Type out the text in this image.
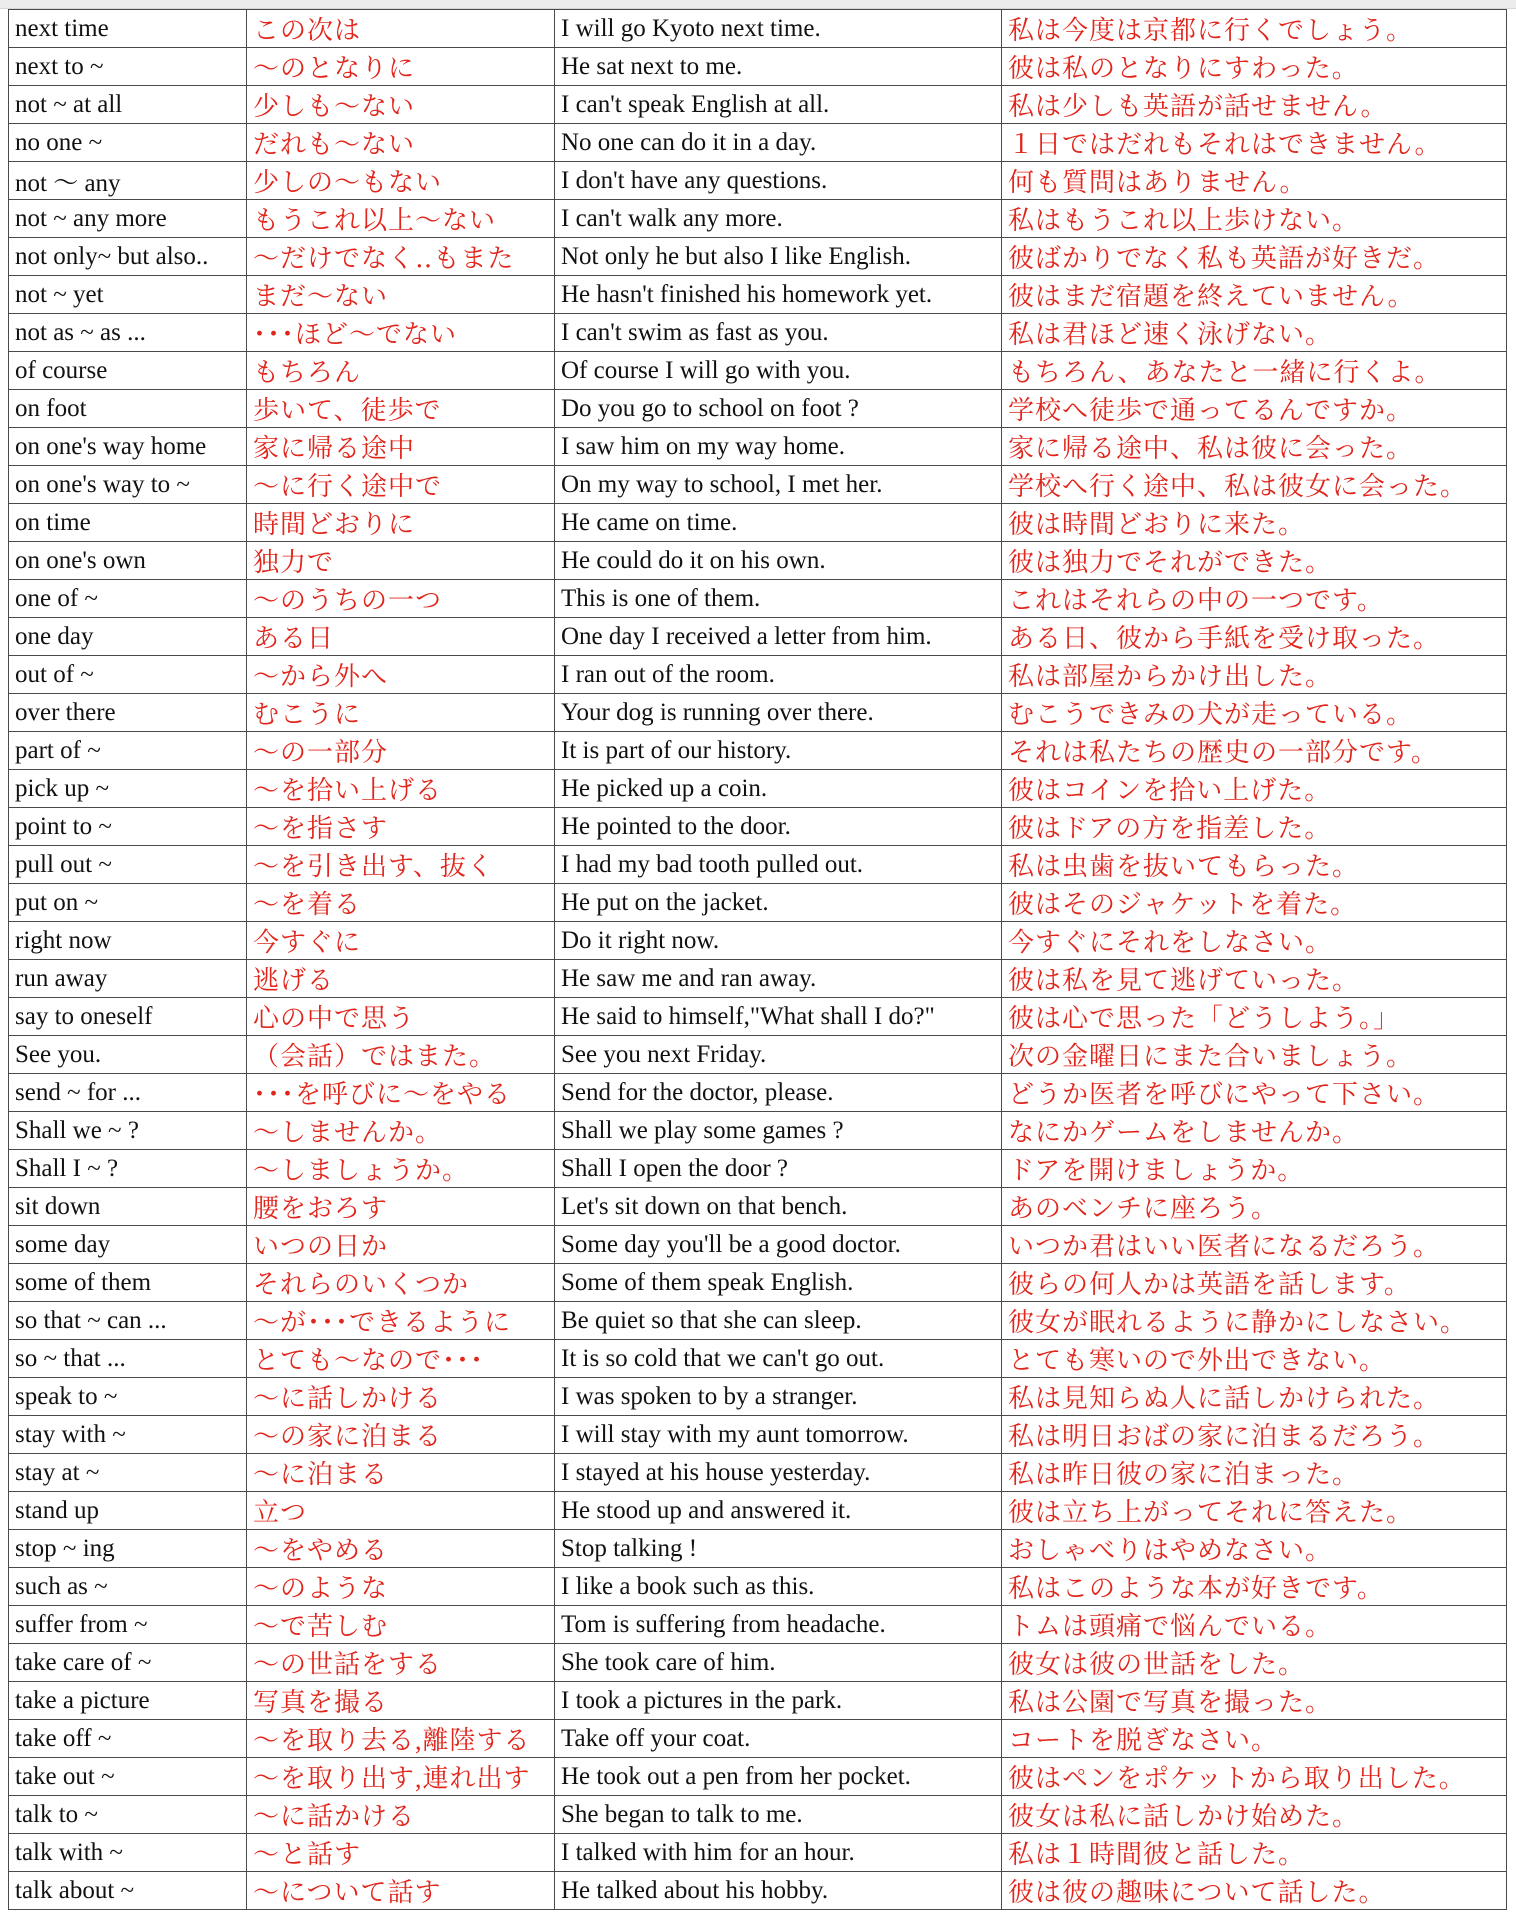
next time	この次は	I will go Kyoto next time.	私は今度は京都に行くでしょう。
next to ~	～のとなりに	He sat next to me.	彼は私のとなりにすわった。
not ~ at all	少しも～ない	I can't speak English at all.	私は少しも英語が話せません。
no one ~	だれも～ない	No one can do it in a day.	１日ではだれもそれはできません。
not 〜 any	少しの～もない	I don't have any questions.	何も質問はありません。
not ~ any more	もうこれ以上～ない	I can't walk any more.	私はもうこれ以上歩けない。
not only~ but also..	～だけでなく‥もまた	Not only he but also I like English.	彼ばかりでなく私も英語が好きだ。
not ~ yet	まだ～ない	He hasn't finished his homework yet.	彼はまだ宿題を終えていません。
not as ~ as ...	･･･ほど～でない	I can't swim as fast as you.	私は君ほど速く泳げない。
of course	もちろん	Of course I will go with you.	もちろん、あなたと一緒に行くよ。
on foot	歩いて、徒歩で	Do you go to school on foot ?	学校へ徒歩で通ってるんですか。
on one's way home	家に帰る途中	I saw him on my way home.	家に帰る途中、私は彼に会った。
on one's way to ~	～に行く途中で	On my way to school, I met her.	学校へ行く途中、私は彼女に会った。
on time	時間どおりに	He came on time.	彼は時間どおりに来た。
on one's own	独力で	He could do it on his own.	彼は独力でそれができた。
one of ~	～のうちの一つ	This is one of them.	これはそれらの中の一つです。
one day	ある日	One day I received a letter from him.	ある日、彼から手紙を受け取った。
out of ~	～から外へ	I ran out of the room.	私は部屋からかけ出した。
over there	むこうに	Your dog is running over there.	むこうできみの犬が走っている。
part of ~	～の一部分	It is part of our history.	それは私たちの歴史の一部分です。
pick up ~	～を拾い上げる	He picked up a coin.	彼はコインを拾い上げた。
point to ~	～を指さす	He pointed to the door.	彼はドアの方を指差した。
pull out ~	～を引き出す、抜く	I had my bad tooth pulled out.	私は虫歯を抜いてもらった。
put on ~	～を着る	He put on the jacket.	彼はそのジャケットを着た。
right now	今すぐに	Do it right now.	今すぐにそれをしなさい。
run away	逃げる	He saw me and ran away.	彼は私を見て逃げていった。
say to oneself	心の中で思う	He said to himself,"What shall I do?"	彼は心で思った「どうしよう。」
See you.	（会話）ではまた。	See you next Friday.	次の金曜日にまた合いましょう。
send ~ for ...	･･･を呼びに～をやる	Send for the doctor, please.	どうか医者を呼びにやって下さい。
Shall we ~ ?	～しませんか。	Shall we play some games ?	なにかゲームをしませんか。
Shall I ~ ?	～しましょうか。	Shall I open the door ?	ドアを開けましょうか。
sit down	腰をおろす	Let's sit down on that bench.	あのベンチに座ろう。
some day	いつの日か	Some day you'll be a good doctor.	いつか君はいい医者になるだろう。
some of them	それらのいくつか	Some of them speak English.	彼らの何人かは英語を話します。
so that ~ can ...	～が･･･できるように	Be quiet so that she can sleep.	彼女が眠れるように静かにしなさい。
so ~ that ...	とても～なので･･･	It is so cold that we can't go out.	とても寒いので外出できない。
speak to ~	～に話しかける	I was spoken to by a stranger.	私は見知らぬ人に話しかけられた。
stay with ~	～の家に泊まる	I will stay with my aunt tomorrow.	私は明日おばの家に泊まるだろう。
stay at ~	～に泊まる	I stayed at his house yesterday.	私は昨日彼の家に泊まった。
stand up	立つ	He stood up and answered it.	彼は立ち上がってそれに答えた。
stop ~ ing	～をやめる	Stop talking !	おしゃべりはやめなさい。
such as ~	～のような	I like a book such as this.	私はこのような本が好きです。
suffer from ~	～で苦しむ	Tom is suffering from headache.	トムは頭痛で悩んでいる。
take care of ~	～の世話をする	She took care of him.	彼女は彼の世話をした。
take a picture	写真を撮る	I took a pictures in the park.	私は公園で写真を撮った。
take off ~	～を取り去る,離陸する	Take off your coat.	コートを脱ぎなさい。
take out ~	～を取り出す,連れ出す	He took out a pen from her pocket.	彼はペンをポケットから取り出した。
talk to ~	～に話かける	She began to talk to me.	彼女は私に話しかけ始めた。
talk with ~	～と話す	I talked with him for an hour.	私は１時間彼と話した。
talk about ~	～について話す	He talked about his hobby.	彼は彼の趣味について話した。
